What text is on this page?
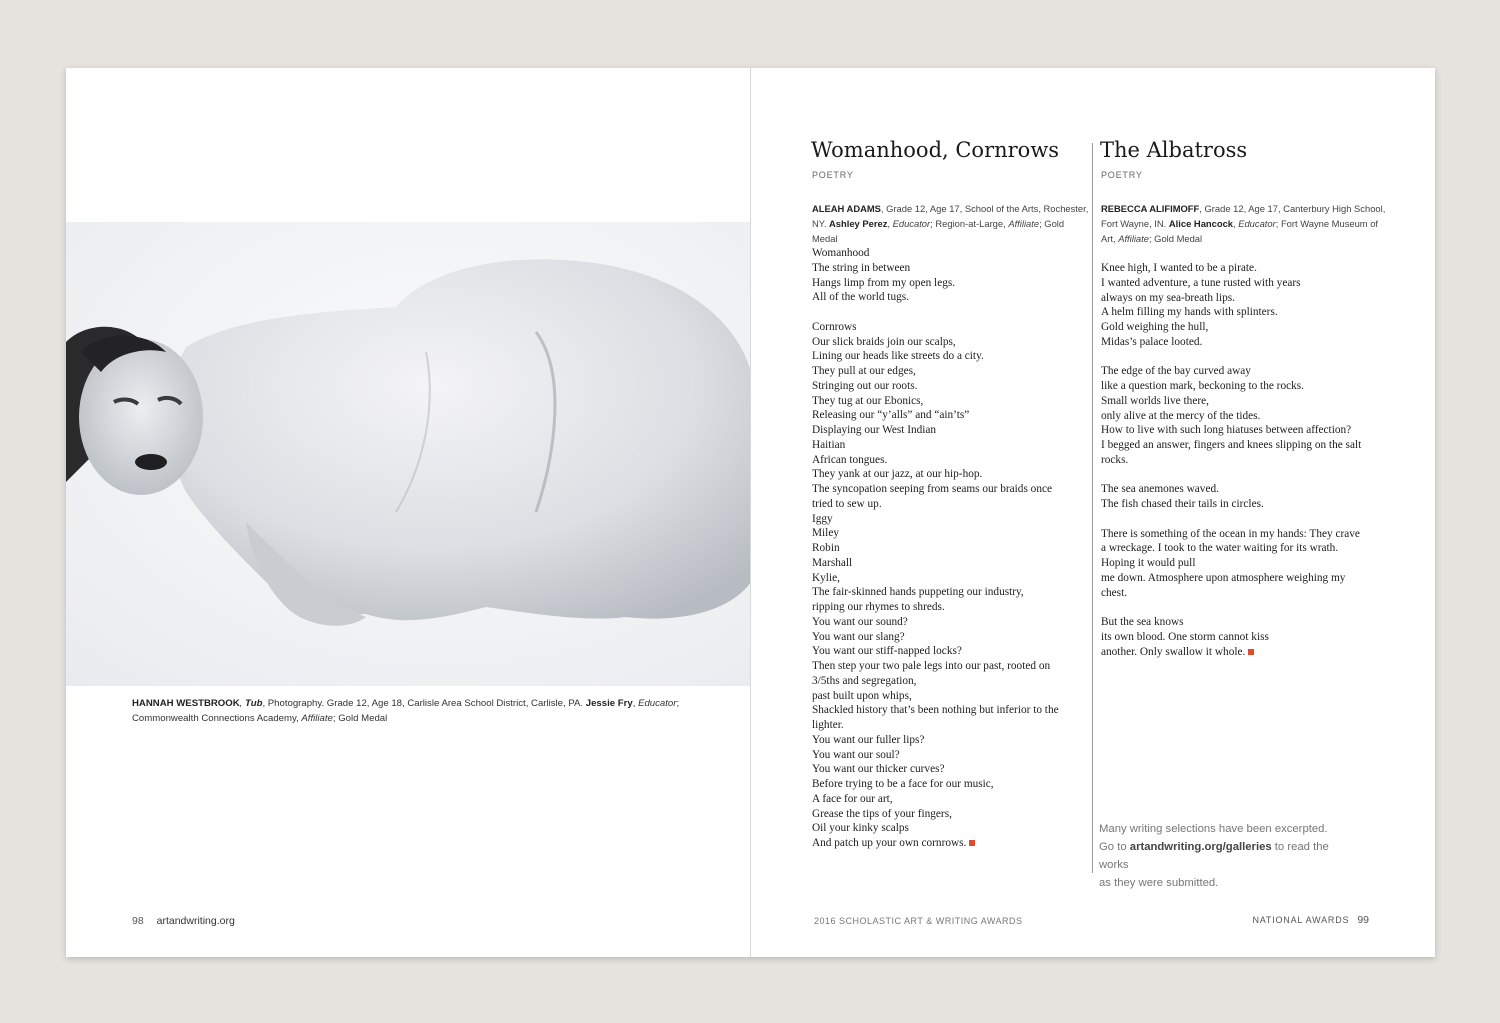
HANNAH WESTBROOK, Tub, Photography. Grade 12, Age 18, Carlisle Area School District, Carlisle, PA. Jessie Fry, Educator; Commonwealth Connections Academy, Affiliate; Gold Medal
98 artandwriting.org
Womanhood, Cornrows
POETRY
ALEAH ADAMS, Grade 12, Age 17, School of the Arts, Rochester,
NY. Ashley Perez, Educator; Region-at-Large, Affiliate; Gold Medal
Womanhood
The string in between
Hangs limp from my open legs.
All of the world tugs.
Cornrows
Our slick braids join our scalps,
Lining our heads like streets do a city.
They pull at our edges,
Stringing out our roots.
They tug at our Ebonics,
Releasing our “y’alls” and “ain’ts”
Displaying our West Indian
Haitian
African tongues.
They yank at our jazz, at our hip-hop.
The syncopation seeping from seams our braids once
tried to sew up.
Iggy
Miley
Robin
Marshall
Kylie,
The fair-skinned hands puppeting our industry,
ripping our rhymes to shreds.
You want our sound?
You want our slang?
You want our stiff-napped locks?
Then step your two pale legs into our past, rooted on
3/5ths and segregation,
past built upon whips,
Shackled history that’s been nothing but inferior to the
lighter.
You want our fuller lips?
You want our soul?
You want our thicker curves?
Before trying to be a face for our music,
A face for our art,
Grease the tips of your fingers,
Oil your kinky scalps
And patch up your own cornrows.
The Albatross
POETRY
REBECCA ALIFIMOFF, Grade 12, Age 17, Canterbury High School,
Fort Wayne, IN. Alice Hancock, Educator; Fort Wayne Museum of
Art, Affiliate; Gold Medal
Knee high, I wanted to be a pirate.
I wanted adventure, a tune rusted with years
always on my sea-breath lips.
A helm filling my hands with splinters.
Gold weighing the hull,
Midas’s palace looted.
The edge of the bay curved away
like a question mark, beckoning to the rocks.
Small worlds live there,
only alive at the mercy of the tides.
How to live with such long hiatuses between affection?
I begged an answer, fingers and knees slipping on the salt
rocks.
The sea anemones waved.
The fish chased their tails in circles.
There is something of the ocean in my hands: They crave
a wreckage. I took to the water waiting for its wrath.
Hoping it would pull
me down. Atmosphere upon atmosphere weighing my
chest.
But the sea knows
its own blood. One storm cannot kiss
another. Only swallow it whole.
Many writing selections have been excerpted.
Go to artandwriting.org/galleries to read the works
as they were submitted.
2016 SCHOLASTIC ART & WRITING AWARDS	NATIONAL AWARDS 99
